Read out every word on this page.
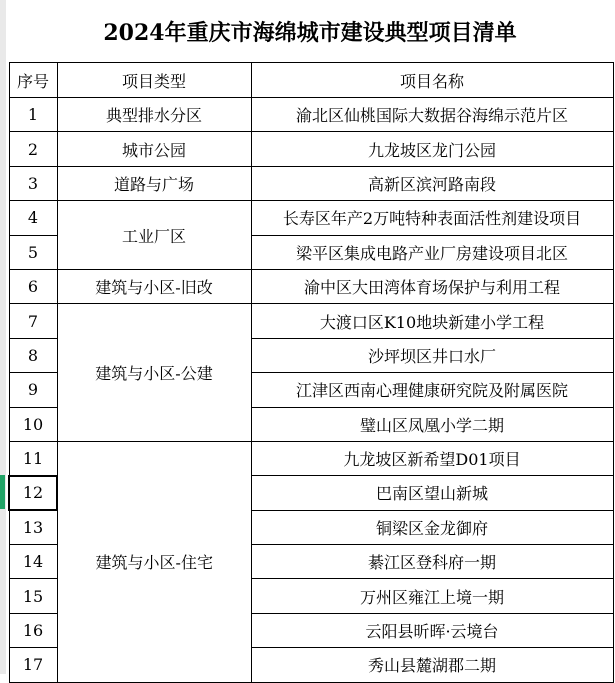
2024年重庆市海绵城市建设典型项目清单
序号	项目类型	项目名称
1	典型排水分区	渝北区仙桃国际大数据谷海绵示范片区
2	城市公园	九龙坡区龙门公园
3	道路与广场	高新区滨河路南段
4	工业厂区	长寿区年产2万吨特种表面活性剂建设项目
5		梁平区集成电路产业厂房建设项目北区
6	建筑与小区-旧改	渝中区大田湾体育场保护与利用工程
7	建筑与小区-公建	大渡口区K10地块新建小学工程
8		沙坪坝区井口水厂
9		江津区西南心理健康研究院及附属医院
10		璧山区凤凰小学二期
11	建筑与小区-住宅	九龙坡区新希望D01项目
12		巴南区望山新城
13		铜梁区金龙御府
14		綦江区登科府一期
15		万州区雍江上境一期
16		云阳县昕晖·云境台
17		秀山县麓湖郡二期
